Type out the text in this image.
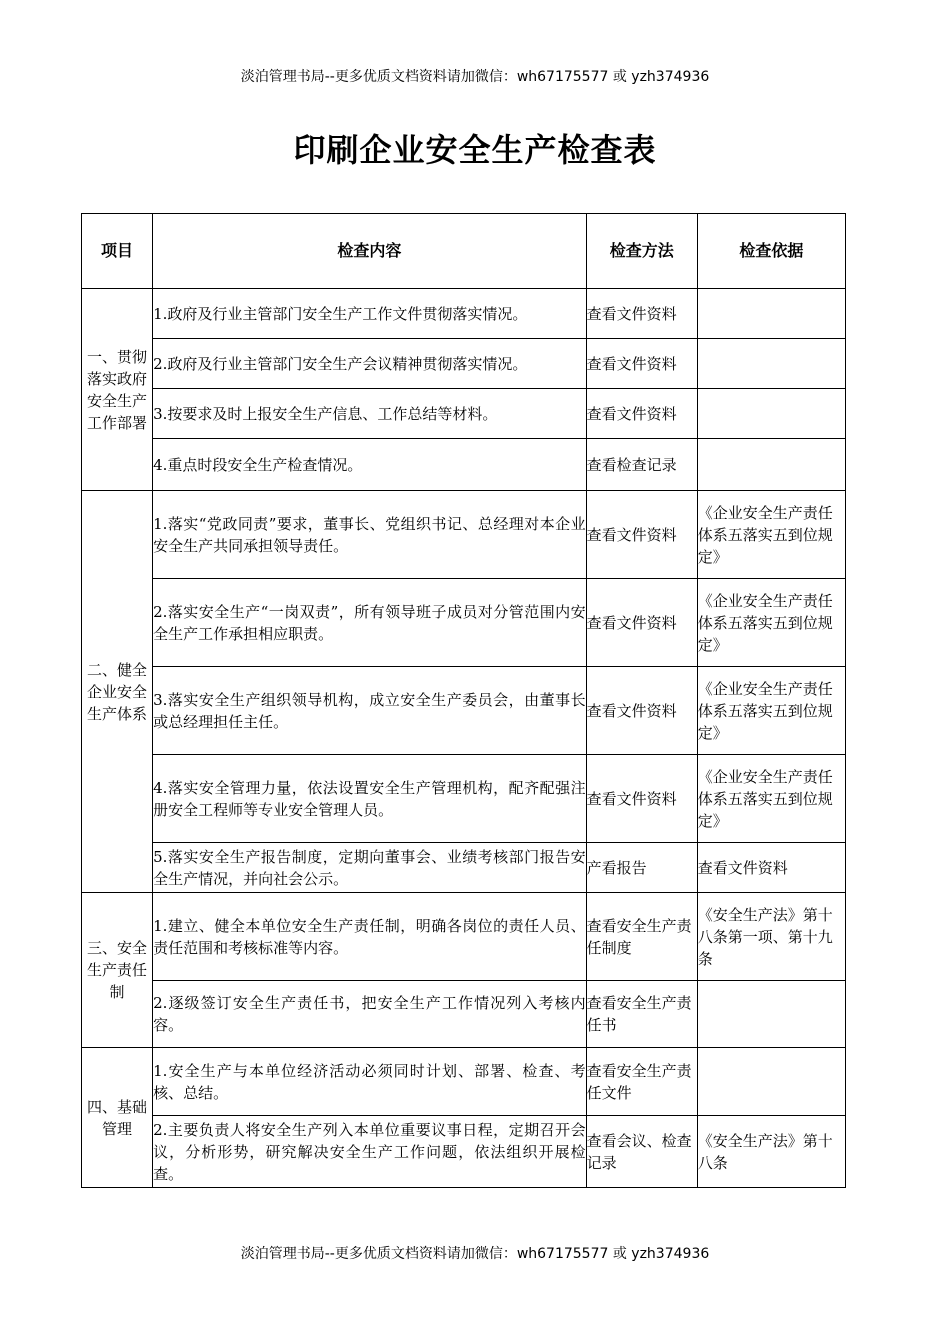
淡泊管理书局--更多优质文档资料请加微信：wh67175577 或 yzh374936
印刷企业安全生产检查表
项目	检查内容	检查方法	检查依据
一、贯彻落实政府安全生产工作部署	1.政府及行业主管部门安全生产工作文件贯彻落实情况。	查看文件资料	
	2.政府及行业主管部门安全生产会议精神贯彻落实情况。	查看文件资料	
	3.按要求及时上报安全生产信息、工作总结等材料。	查看文件资料	
	4.重点时段安全生产检查情况。	查看检查记录	
二、健全企业安全生产体系	1.落实“党政同责”要求，董事长、党组织书记、总经理对本企业安全生产共同承担领导责任。	查看文件资料	《企业安全生产责任体系五落实五到位规定》
	2.落实安全生产“一岗双责”，所有领导班子成员对分管范围内安全生产工作承担相应职责。	查看文件资料	《企业安全生产责任体系五落实五到位规定》
	3.落实安全生产组织领导机构，成立安全生产委员会，由董事长或总经理担任主任。	查看文件资料	《企业安全生产责任体系五落实五到位规定》
	4.落实安全管理力量，依法设置安全生产管理机构，配齐配强注册安全工程师等专业安全管理人员。	查看文件资料	《企业安全生产责任体系五落实五到位规定》
	5.落实安全生产报告制度，定期向董事会、业绩考核部门报告安全生产情况，并向社会公示。	产看报告	查看文件资料
三、安全生产责任制	1.建立、健全本单位安全生产责任制，明确各岗位的责任人员、责任范围和考核标准等内容。	查看安全生产责任制度	《安全生产法》第十八条第一项、第十九条
	2.逐级签订安全生产责任书，把安全生产工作情况列入考核内容。	查看安全生产责任书	
四、基础管理	1.安全生产与本单位经济活动必须同时计划、部署、检查、考核、总结。	查看安全生产责任文件	
	2.主要负责人将安全生产列入本单位重要议事日程，定期召开会议，分析形势，研究解决安全生产工作问题，依法组织开展检查。	查看会议、检查记录	《安全生产法》第十八条
淡泊管理书局--更多优质文档资料请加微信：wh67175577 或 yzh374936
